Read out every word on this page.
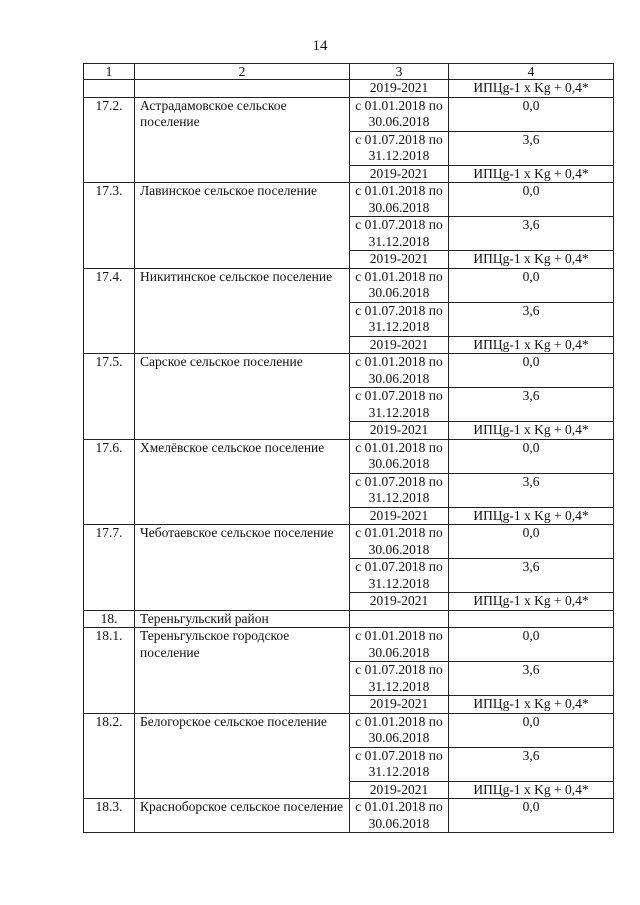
14
1	2	3	4
		2019-2021	ИПЦg-1 x Kg + 0,4*
17.2.	Астрадамовское сельское поселение	с 01.01.2018 по 30.06.2018	0,0
		с 01.07.2018 по 31.12.2018	3,6
		2019-2021	ИПЦg-1 x Kg + 0,4*
17.3.	Лавинское сельское поселение	с 01.01.2018 по 30.06.2018	0,0
		с 01.07.2018 по 31.12.2018	3,6
		2019-2021	ИПЦg-1 x Kg + 0,4*
17.4.	Никитинское сельское поселение	с 01.01.2018 по 30.06.2018	0,0
		с 01.07.2018 по 31.12.2018	3,6
		2019-2021	ИПЦg-1 x Kg + 0,4*
17.5.	Сарское сельское поселение	с 01.01.2018 по 30.06.2018	0,0
		с 01.07.2018 по 31.12.2018	3,6
		2019-2021	ИПЦg-1 x Kg + 0,4*
17.6.	Хмелёвское сельское поселение	с 01.01.2018 по 30.06.2018	0,0
		с 01.07.2018 по 31.12.2018	3,6
		2019-2021	ИПЦg-1 x Kg + 0,4*
17.7.	Чеботаевское сельское поселение	с 01.01.2018 по 30.06.2018	0,0
		с 01.07.2018 по 31.12.2018	3,6
		2019-2021	ИПЦg-1 x Kg + 0,4*
18.	Тереньгульский район		
18.1.	Тереньгульское городское поселение	с 01.01.2018 по 30.06.2018	0,0
		с 01.07.2018 по 31.12.2018	3,6
		2019-2021	ИПЦg-1 x Kg + 0,4*
18.2.	Белогорское сельское поселение	с 01.01.2018 по 30.06.2018	0,0
		с 01.07.2018 по 31.12.2018	3,6
		2019-2021	ИПЦg-1 x Kg + 0,4*
18.3.	Красноборское сельское поселение	с 01.01.2018 по 30.06.2018	0,0
